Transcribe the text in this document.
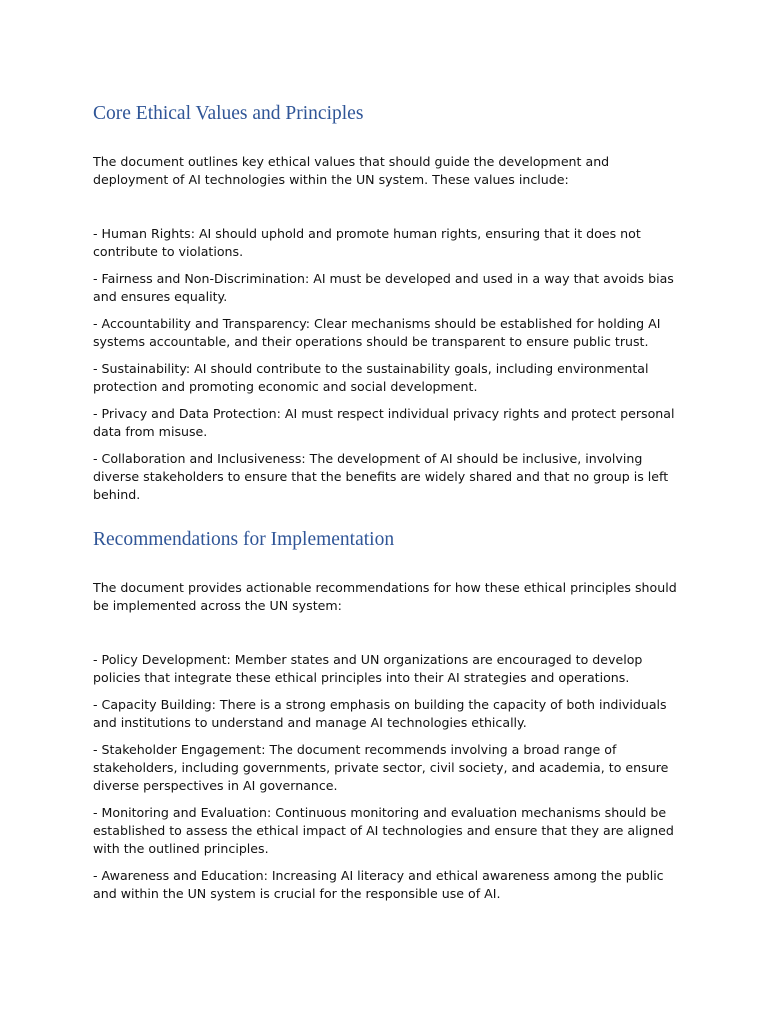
Core Ethical Values and Principles

The document outlines key ethical values that should guide the development and deployment of AI technologies within the UN system. These values include:

- Human Rights: AI should uphold and promote human rights, ensuring that it does not contribute to violations.

- Fairness and Non-Discrimination: AI must be developed and used in a way that avoids bias and ensures equality.

- Accountability and Transparency: Clear mechanisms should be established for holding AI systems accountable, and their operations should be transparent to ensure public trust.

- Sustainability: AI should contribute to the sustainability goals, including environmental protection and promoting economic and social development.

- Privacy and Data Protection: AI must respect individual privacy rights and protect personal data from misuse.

- Collaboration and Inclusiveness: The development of AI should be inclusive, involving diverse stakeholders to ensure that the benefits are widely shared and that no group is left behind.

Recommendations for Implementation

The document provides actionable recommendations for how these ethical principles should be implemented across the UN system:

- Policy Development: Member states and UN organizations are encouraged to develop policies that integrate these ethical principles into their AI strategies and operations.

- Capacity Building: There is a strong emphasis on building the capacity of both individuals and institutions to understand and manage AI technologies ethically.

- Stakeholder Engagement: The document recommends involving a broad range of stakeholders, including governments, private sector, civil society, and academia, to ensure diverse perspectives in AI governance.

- Monitoring and Evaluation: Continuous monitoring and evaluation mechanisms should be established to assess the ethical impact of AI technologies and ensure that they are aligned with the outlined principles.

- Awareness and Education: Increasing AI literacy and ethical awareness among the public and within the UN system is crucial for the responsible use of AI.
